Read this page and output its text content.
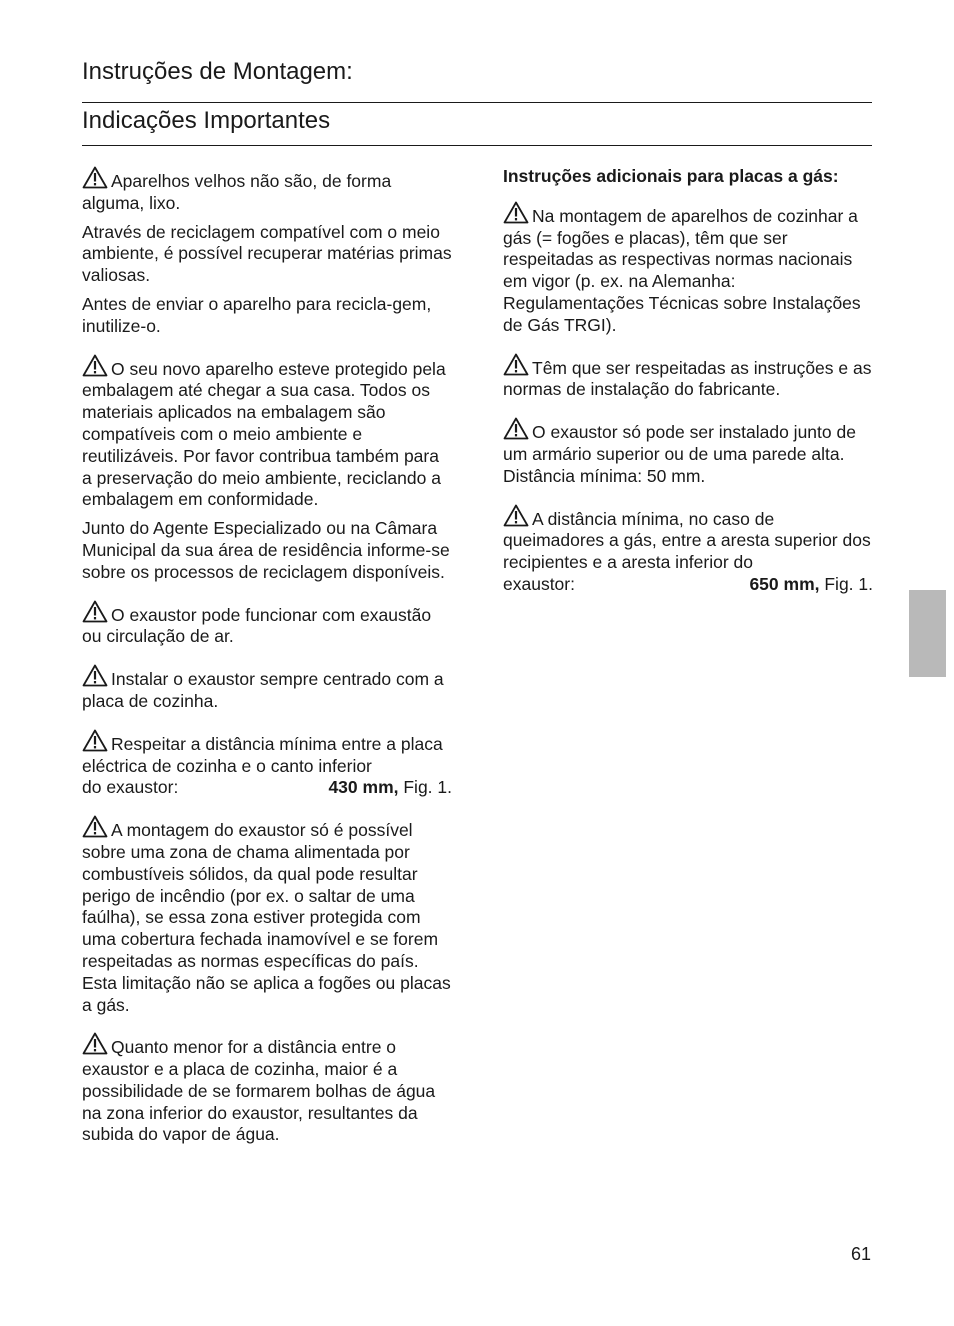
Instruções de Montagem:
Indicações Importantes

Aparelhos velhos não são, de forma alguma, lixo.

Através de reciclagem compatível com o meio ambiente, é possível recuperar matérias primas valiosas.

Antes de enviar o aparelho para recicla-gem, inutilize-o.

O seu novo aparelho esteve protegido pela embalagem até chegar a sua casa. Todos os materiais aplicados na embalagem são compatíveis com o meio ambiente e reutilizáveis. Por favor contribua também para a preservação do meio ambiente, reciclando a embalagem em conformidade.

Junto do Agente Especializado ou na Câmara Municipal da sua área de residência informe-se sobre os processos de reciclagem disponíveis.

O exaustor pode funcionar com exaustão ou circulação de ar.

Instalar o exaustor sempre centrado com a placa de cozinha.

Respeitar a distância mínima entre a placa eléctrica de cozinha e o canto inferior
do exaustor:	430 mm, Fig. 1.

A montagem do exaustor só é possível sobre uma zona de chama alimentada por combustíveis sólidos, da qual pode resultar perigo de incêndio (por ex. o saltar de uma faúlha), se essa zona estiver protegida com uma cobertura fechada inamovível e se forem respeitadas as normas específicas do país. Esta limitação não se aplica a fogões ou placas a gás.

Quanto menor for a distância entre o exaustor e a placa de cozinha, maior é a possibilidade de se formarem bolhas de água na zona inferior do exaustor, resultantes da subida do vapor de água.

Instruções adicionais para placas a gás:

Na montagem de aparelhos de cozinhar a gás (= fogões e placas), têm que ser respeitadas as respectivas normas nacionais em vigor (p. ex. na Alemanha: Regulamentações Técnicas sobre Instalações de Gás TRGI).

Têm que ser respeitadas as instruções e as normas de instalação do fabricante.

O exaustor só pode ser instalado junto de um armário superior ou de uma parede alta. Distância mínima: 50 mm.

A distância mínima, no caso de queimadores a gás, entre a aresta superior dos recipientes e a aresta inferior do
exaustor:	650 mm, Fig. 1.

61
